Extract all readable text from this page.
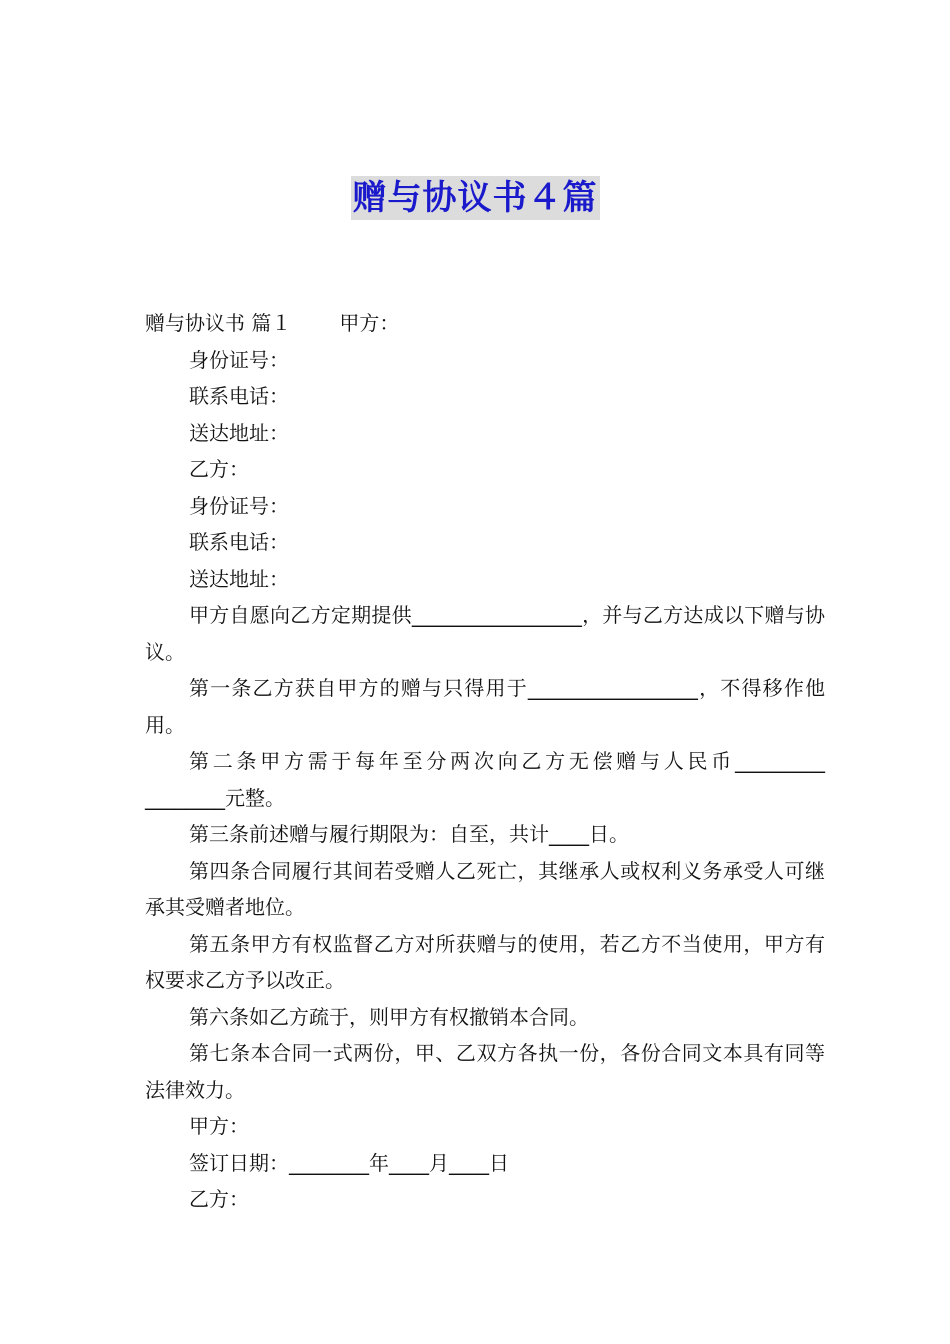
赠与协议书４篇
赠与协议书 篇１ 甲方：
身份证号：
联系电话：
送达地址：
乙方：
身份证号：
联系电话：
送达地址：

甲方自愿向乙方定期提供_________________，并与乙方达成以下赠与协议。

第一条乙方获自甲方的赠与只得用于_________________，不得移作他用。

第二条甲方需于每年至分两次向乙方无偿赠与人民币_________ ________元整。

第三条前述赠与履行期限为：自至，共计____日。

第四条合同履行其间若受赠人乙死亡，其继承人或权利义务承受人可继承其受赠者地位。

第五条甲方有权监督乙方对所获赠与的使用，若乙方不当使用，甲方有权要求乙方予以改正。

第六条如乙方疏于，则甲方有权撤销本合同。

第七条本合同一式两份，甲、乙双方各执一份，各份合同文本具有同等法律效力。

甲方：
签订日期：________年____月____日
乙方：
